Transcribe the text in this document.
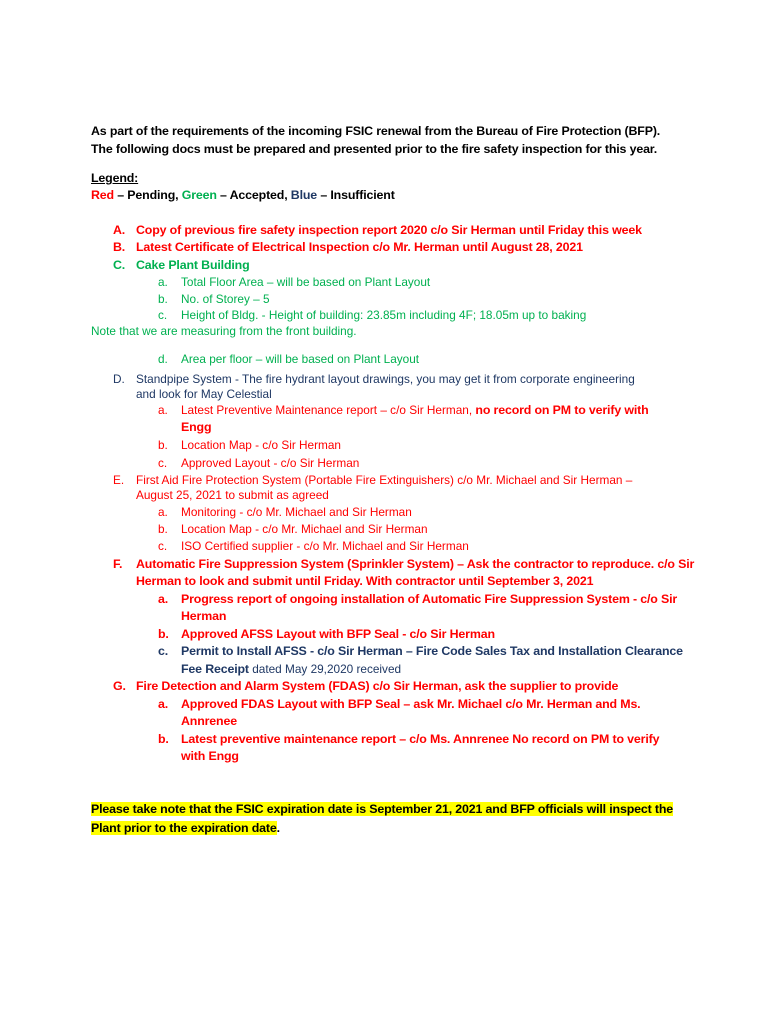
As part of the requirements of the incoming FSIC renewal from the Bureau of Fire Protection (BFP).
The following docs must be prepared and presented prior to the fire safety inspection for this year.
Legend:
Red – Pending, Green – Accepted, Blue – Insufficient
A. Copy of previous fire safety inspection report 2020 c/o Sir Herman until Friday this week
B. Latest Certificate of Electrical Inspection c/o Mr. Herman until August 28, 2021
C. Cake Plant Building
a. Total Floor Area – will be based on Plant Layout
b. No. of Storey – 5
c. Height of Bldg. - Height of building: 23.85m including 4F; 18.05m up to baking
Note that we are measuring from the front building.
d. Area per floor – will be based on Plant Layout
D. Standpipe System - The fire hydrant layout drawings, you may get it from corporate engineering
and look for May Celestial
a. Latest Preventive Maintenance report – c/o Sir Herman, no record on PM to verify with
Engg
b. Location Map - c/o Sir Herman
c. Approved Layout - c/o Sir Herman
E. First Aid Fire Protection System (Portable Fire Extinguishers) c/o Mr. Michael and Sir Herman –
August 25, 2021 to submit as agreed
a. Monitoring - c/o Mr. Michael and Sir Herman
b. Location Map - c/o Mr. Michael and Sir Herman
c. ISO Certified supplier - c/o Mr. Michael and Sir Herman
F. Automatic Fire Suppression System (Sprinkler System) – Ask the contractor to reproduce. c/o Sir
Herman to look and submit until Friday. With contractor until September 3, 2021
a. Progress report of ongoing installation of Automatic Fire Suppression System - c/o Sir
Herman
b. Approved AFSS Layout with BFP Seal - c/o Sir Herman
c. Permit to Install AFSS - c/o Sir Herman – Fire Code Sales Tax and Installation Clearance
Fee Receipt dated May 29,2020 received
G. Fire Detection and Alarm System (FDAS) c/o Sir Herman, ask the supplier to provide
a. Approved FDAS Layout with BFP Seal – ask Mr. Michael c/o Mr. Herman and Ms.
Annrenee
b. Latest preventive maintenance report – c/o Ms. Annrenee No record on PM to verify
with Engg
Please take note that the FSIC expiration date is September 21, 2021 and BFP officials will inspect the
Plant prior to the expiration date.
